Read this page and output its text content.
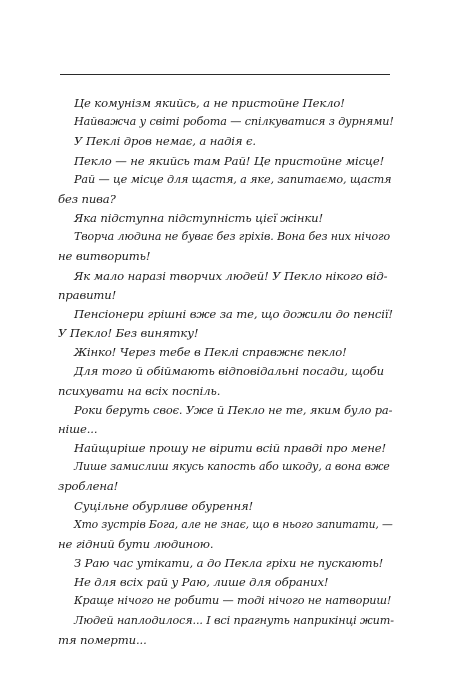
Це комунізм якийсь, а не пристойне Пекло!
Найважча у світі робота — спілкуватися з дурнями!
У Пеклі дров немає, а надія є.
Пекло — не якийсь там Рай! Це пристойне місце!
Рай — це місце для щастя, а яке, запитаємо, щастя
без пива?
Яка підступна підступність цієї жінки!
Творча людина не буває без гріхів. Вона без них нічого
не витворить!
Як мало наразі творчих людей! У Пекло нікого від-
правити!
Пенсіонери грішні вже за те, що дожили до пенсії!
У Пекло! Без винятку!
Жінко! Через тебе в Пеклі справжнє пекло!
Для того й обіймають відповідальні посади, щоби
психувати на всіх поспіль.
Роки беруть своє. Уже й Пекло не те, яким було ра-
ніше...
Найщиріше прошу не вірити всій правді про мене!
Лише замислиш якусь капость або шкоду, а вона вже
зроблена!
Суцільне обурливе обурення!
Хто зустрів Бога, але не знає, що в нього запитати, —
не гідний бути людиною.
З Раю час утікати, а до Пекла гріхи не пускають!
Не для всіх рай у Раю, лише для обраних!
Краще нічого не робити — тоді нічого не натвориш!
Людей наплодилося... І всі прагнуть наприкінці жит-
тя померти...
